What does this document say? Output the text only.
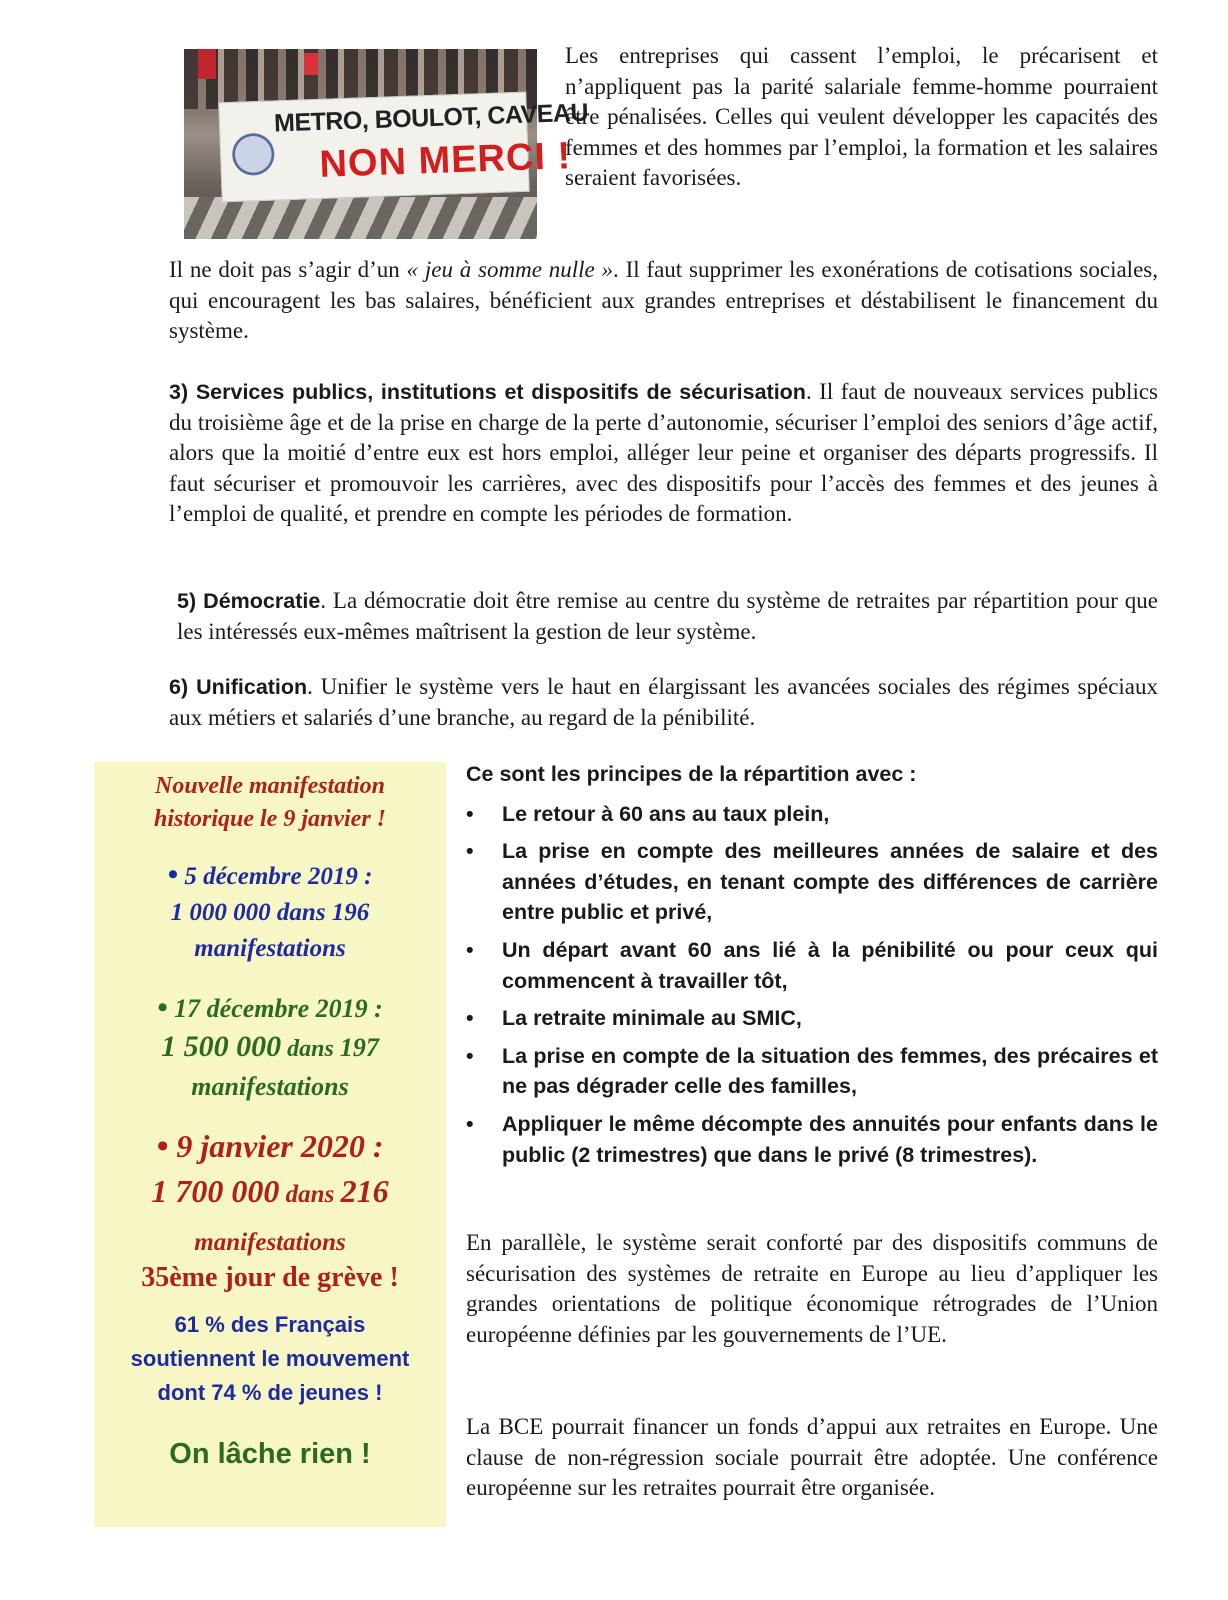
METRO, BOULOT, CAVEAU
NON MERCI !

Les entreprises qui cassent l’emploi, le précarisent et n’appliquent pas la parité salariale femme-homme pourraient être pénalisées. Celles qui veulent développer les capacités des femmes et des hommes par l’emploi, la formation et les salaires seraient favorisées.

Il ne doit pas s’agir d’un « jeu à somme nulle ». Il faut supprimer les exonérations de cotisations sociales, qui encouragent les bas salaires, bénéficient aux grandes entreprises et déstabilisent le financement du système.

3) Services publics, institutions et dispositifs de sécurisation. Il faut de nouveaux services publics du troisième âge et de la prise en charge de la perte d’autonomie, sécuriser l’emploi des seniors d’âge actif, alors que la moitié d’entre eux est hors emploi, alléger leur peine et organiser des départs progressifs. Il faut sécuriser et promouvoir les carrières, avec des dispositifs pour l’accès des femmes et des jeunes à l’emploi de qualité, et prendre en compte les périodes de formation.

5) Démocratie. La démocratie doit être remise au centre du système de retraites par répartition pour que les intéressés eux-mêmes maîtrisent la gestion de leur système.

6) Unification. Unifier le système vers le haut en élargissant les avancées sociales des régimes spéciaux aux métiers et salariés d’une branche, au regard de la pénibilité.

Nouvelle manifestation
historique le 9 janvier !

• 5 décembre 2019 :
1 000 000 dans 196
manifestations

• 17 décembre 2019 :
1 500 000 dans 197
manifestations

• 9 janvier 2020 :
1 700 000 dans 216
manifestations

35ème jour de grève !

61 % des Français
soutiennent le mouvement
dont 74 % de jeunes !

On lâche rien !

Ce sont les principes de la répartition avec :
• Le retour à 60 ans au taux plein,
• La prise en compte des meilleures années de salaire et des années d’études, en tenant compte des différences de carrière entre public et privé,
• Un départ avant 60 ans lié à la pénibilité ou pour ceux qui commencent à travailler tôt,
• La retraite minimale au SMIC,
• La prise en compte de la situation des femmes, des précaires et ne pas dégrader celle des familles,
• Appliquer le même décompte des annuités pour enfants dans le public (2 trimestres) que dans le privé (8 trimestres).

En parallèle, le système serait conforté par des dispositifs communs de sécurisation des systèmes de retraite en Europe au lieu d’appliquer les grandes orientations de politique économique rétrogrades de l’Union européenne définies par les gouvernements de l’UE.

La BCE pourrait financer un fonds d’appui aux retraites en Europe. Une clause de non-régression sociale pourrait être adoptée. Une conférence européenne sur les retraites pourrait être organisée.
